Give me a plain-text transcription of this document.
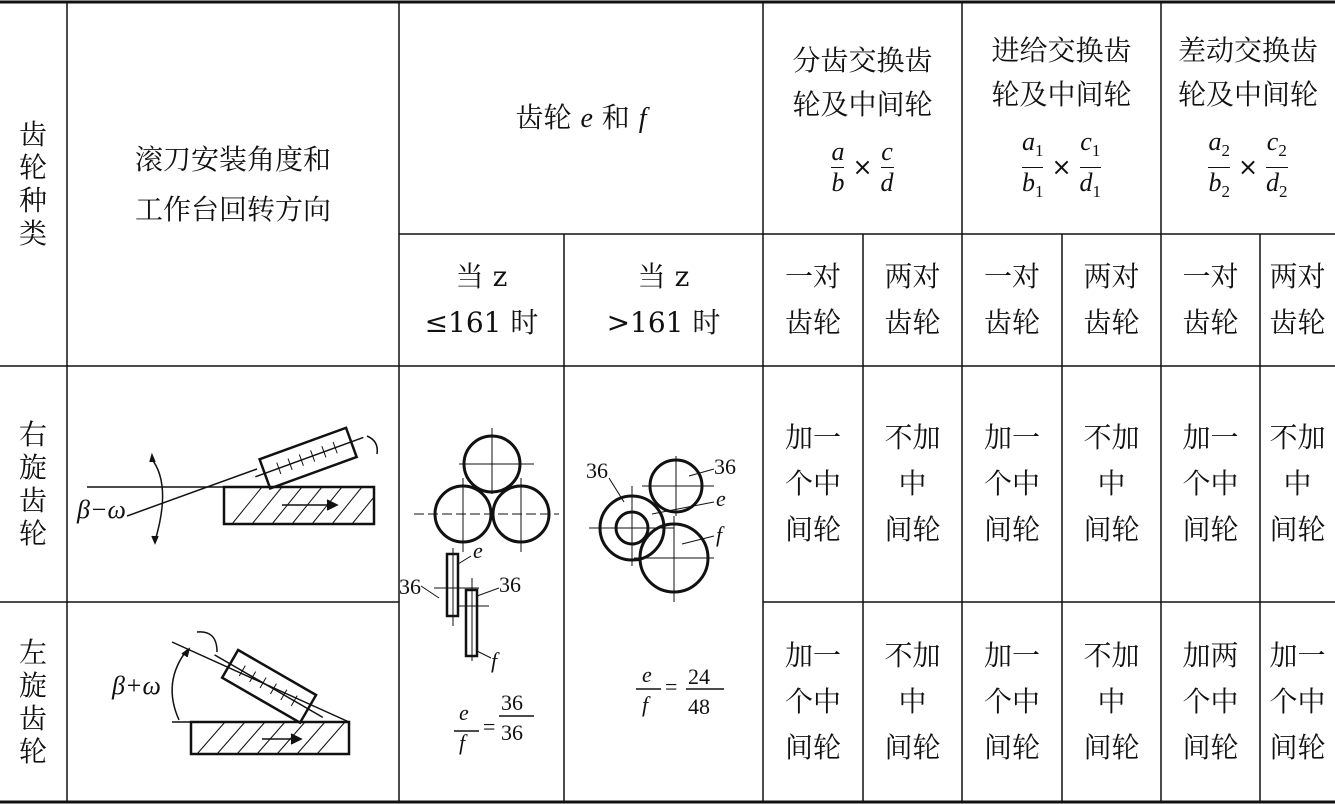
齿
轮
种
类
滚刀安装角度和
工作台回转方向
齿轮 e 和 f
当 z
≤161 时
当 z
>161 时
分齿交换齿
轮及中间轮
$\frac{a}{b} \times \frac{c}{d}$
进给交换齿
轮及中间轮
$\frac{a_1}{b_1} \times \frac{c_1}{d_1}$
差动交换齿
轮及中间轮
$\frac{a_2}{b_2} \times \frac{c_2}{d_2}$
一对
齿轮
两对
齿轮
一对
齿轮
两对
齿轮
一对
齿轮
两对
齿轮
右
旋
齿
轮
左
旋
齿
轮
加一
个中
间轮
不加
中
间轮
加一
个中
间轮
不加
中
间轮
加一
个中
间轮
不加
中
间轮
加一
个中
间轮
不加
中
间轮
加一
个中
间轮
不加
中
间轮
加两
个中
间轮
加一
个中
间轮
β−ω
β+ω
e
36	36
f
e
f
=
36
36
36	36
e
f
e
f
= 24
48
